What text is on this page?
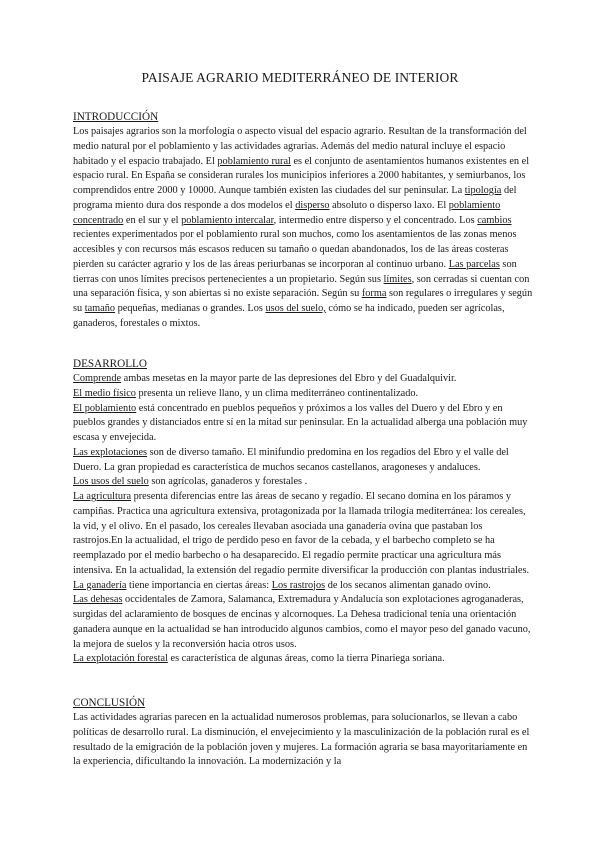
PAISAJE AGRARIO MEDITERRÁNEO DE INTERIOR
INTRODUCCIÓN
Los paisajes agrarios son la morfología o aspecto visual del espacio agrario. Resultan de la transformación del medio natural por el poblamiento y las actividades agrarias. Además del medio natural incluye el espacio habitado y el espacio trabajado. El poblamiento rural es el conjunto de asentamientos humanos existentes en el espacio rural. En España se consideran rurales los municipios inferiores a 2000 habitantes, y semiurbanos, los comprendidos entre 2000 y 10000. Aunque también existen las ciudades del sur peninsular. La tipología del programa miento dura dos responde a dos modelos el disperso absoluto o disperso laxo. El poblamiento concentrado en el sur y el poblamiento intercalar, intermedio entre disperso y el concentrado. Los cambios recientes experimentados por el poblamiento rural son muchos, como los asentamientos de las zonas menos accesibles y con recursos más escasos reducen su tamaño o quedan abandonados, los de las áreas costeras pierden su carácter agrario y los de las áreas periurbanas se incorporan al continuo urbano. Las parcelas son tierras con unos límites precisos pertenecientes a un propietario. Según sus límites, son cerradas si cuentan con una separación física, y son abiertas si no existe separación. Según su forma son regulares o irregulares y según su tamaño pequeñas, medianas o grandes. Los usos del suelo, cómo se ha indicado, pueden ser agrícolas, ganaderos, forestales o mixtos.
DESARROLLO

Comprende ambas mesetas en la mayor parte de las depresiones del Ebro y del Guadalquivir.

El medio físico presenta un relieve llano, y un clima mediterráneo continentalizado.

El poblamiento está concentrado en pueblos pequeños y próximos a los valles del Duero y del Ebro y en pueblos grandes y distanciados entre sí en la mitad sur peninsular. En la actualidad alberga una población muy escasa y envejecida.

Las explotaciones son de diverso tamaño. El minifundio predomina en los regadíos del Ebro y el valle del Duero. La gran propiedad es característica de muchos secanos castellanos, aragoneses y andaluces.

Los usos del suelo son agrícolas, ganaderos y forestales .

La agricultura presenta diferencias entre las áreas de secano y regadío. El secano domina en los páramos y campiñas. Practica una agricultura extensiva, protagonizada por la llamada trilogía mediterránea: los cereales, la vid, y el olivo. En el pasado, los cereales llevaban asociada una ganadería ovina que pastaban los rastrojos.En la actualidad, el trigo de perdido peso en favor de la cebada, y el barbecho completo se ha reemplazado por el medio barbecho o ha desaparecido. El regadío permite practicar una agricultura más intensiva. En la actualidad, la extensión del regadío permite diversificar la producción con plantas industriales.

La ganadería tiene importancia en ciertas áreas: Los rastrojos de los secanos alimentan ganado ovino.

Las dehesas occidentales de Zamora, Salamanca, Extremadura y Andalucía son explotaciones agroganaderas, surgidas del aclaramiento de bosques de encinas y alcornoques. La Dehesa tradicional tenía una orientación ganadera aunque en la actualidad se han introducido algunos cambios, como el mayor peso del ganado vacuno, la mejora de suelos y la reconversión hacia otros usos.

La explotación forestal es característica de algunas áreas, como la tierra Pinariega soriana.

CONCLUSIÓN
Las actividades agrarias parecen en la actualidad numerosos problemas, para solucionarlos, se llevan a cabo políticas de desarrollo rural. La disminución, el envejecimiento y la masculinización de la población rural es el resultado de la emigración de la población joven y mujeres. La formación agraria se basa mayoritariamente en la experiencia, dificultando la innovación. La modernización y la
